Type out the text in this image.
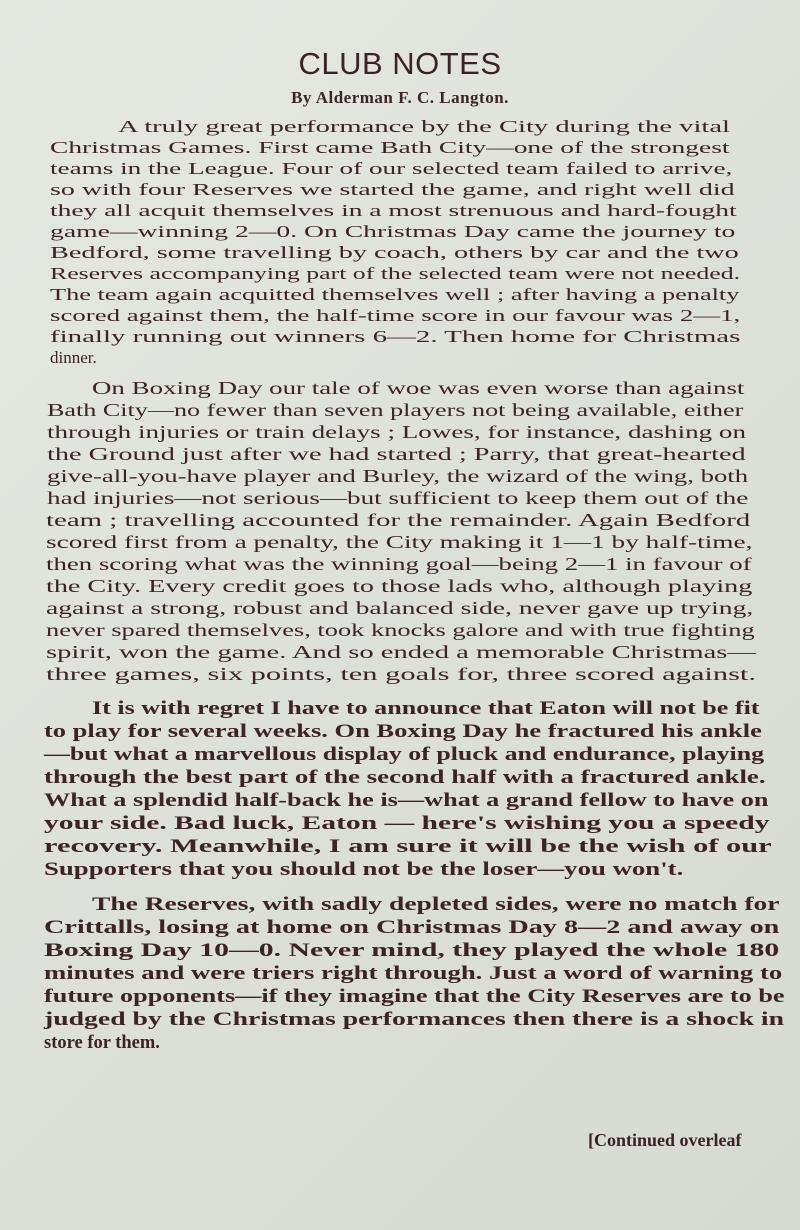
CLUB NOTES
By Alderman F. C. Langton.

A truly great performance by the City during the vital

Christmas Games. First came Bath City—one of the strongest

teams in the League. Four of our selected team failed to arrive,

so with four Reserves we started the game, and right well did

they all acquit themselves in a most strenuous and hard-fought

game—winning 2—0. On Christmas Day came the journey to

Bedford, some travelling by coach, others by car and the two

Reserves accompanying part of the selected team were not needed.

The team again acquitted themselves well ; after having a penalty

scored against them, the half-time score in our favour was 2—1,

finally running out winners 6—2. Then home for Christmas

dinner.

On Boxing Day our tale of woe was even worse than against

Bath City—no fewer than seven players not being available, either

through injuries or train delays ; Lowes, for instance, dashing on

the Ground just after we had started ; Parry, that great-hearted

give-all-you-have player and Burley, the wizard of the wing, both

had injuries—not serious—but sufficient to keep them out of the

team ; travelling accounted for the remainder. Again Bedford

scored first from a penalty, the City making it 1—1 by half-time,

then scoring what was the winning goal—being 2—1 in favour of

the City. Every credit goes to those lads who, although playing

against a strong, robust and balanced side, never gave up trying,

never spared themselves, took knocks galore and with true fighting

spirit, won the game. And so ended a memorable Christmas—

three games, six points, ten goals for, three scored against.

It is with regret I have to announce that Eaton will not be fit

to play for several weeks. On Boxing Day he fractured his ankle

—but what a marvellous display of pluck and endurance, playing

through the best part of the second half with a fractured ankle.

What a splendid half-back he is—what a grand fellow to have on

your side. Bad luck, Eaton — here's wishing you a speedy

recovery. Meanwhile, I am sure it will be the wish of our

Supporters that you should not be the loser—you won't.

The Reserves, with sadly depleted sides, were no match for

Crittalls, losing at home on Christmas Day 8—2 and away on

Boxing Day 10—0. Never mind, they played the whole 180

minutes and were triers right through. Just a word of warning to

future opponents—if they imagine that the City Reserves are to be

judged by the Christmas performances then there is a shock in

store for them.

[Continued overleaf
